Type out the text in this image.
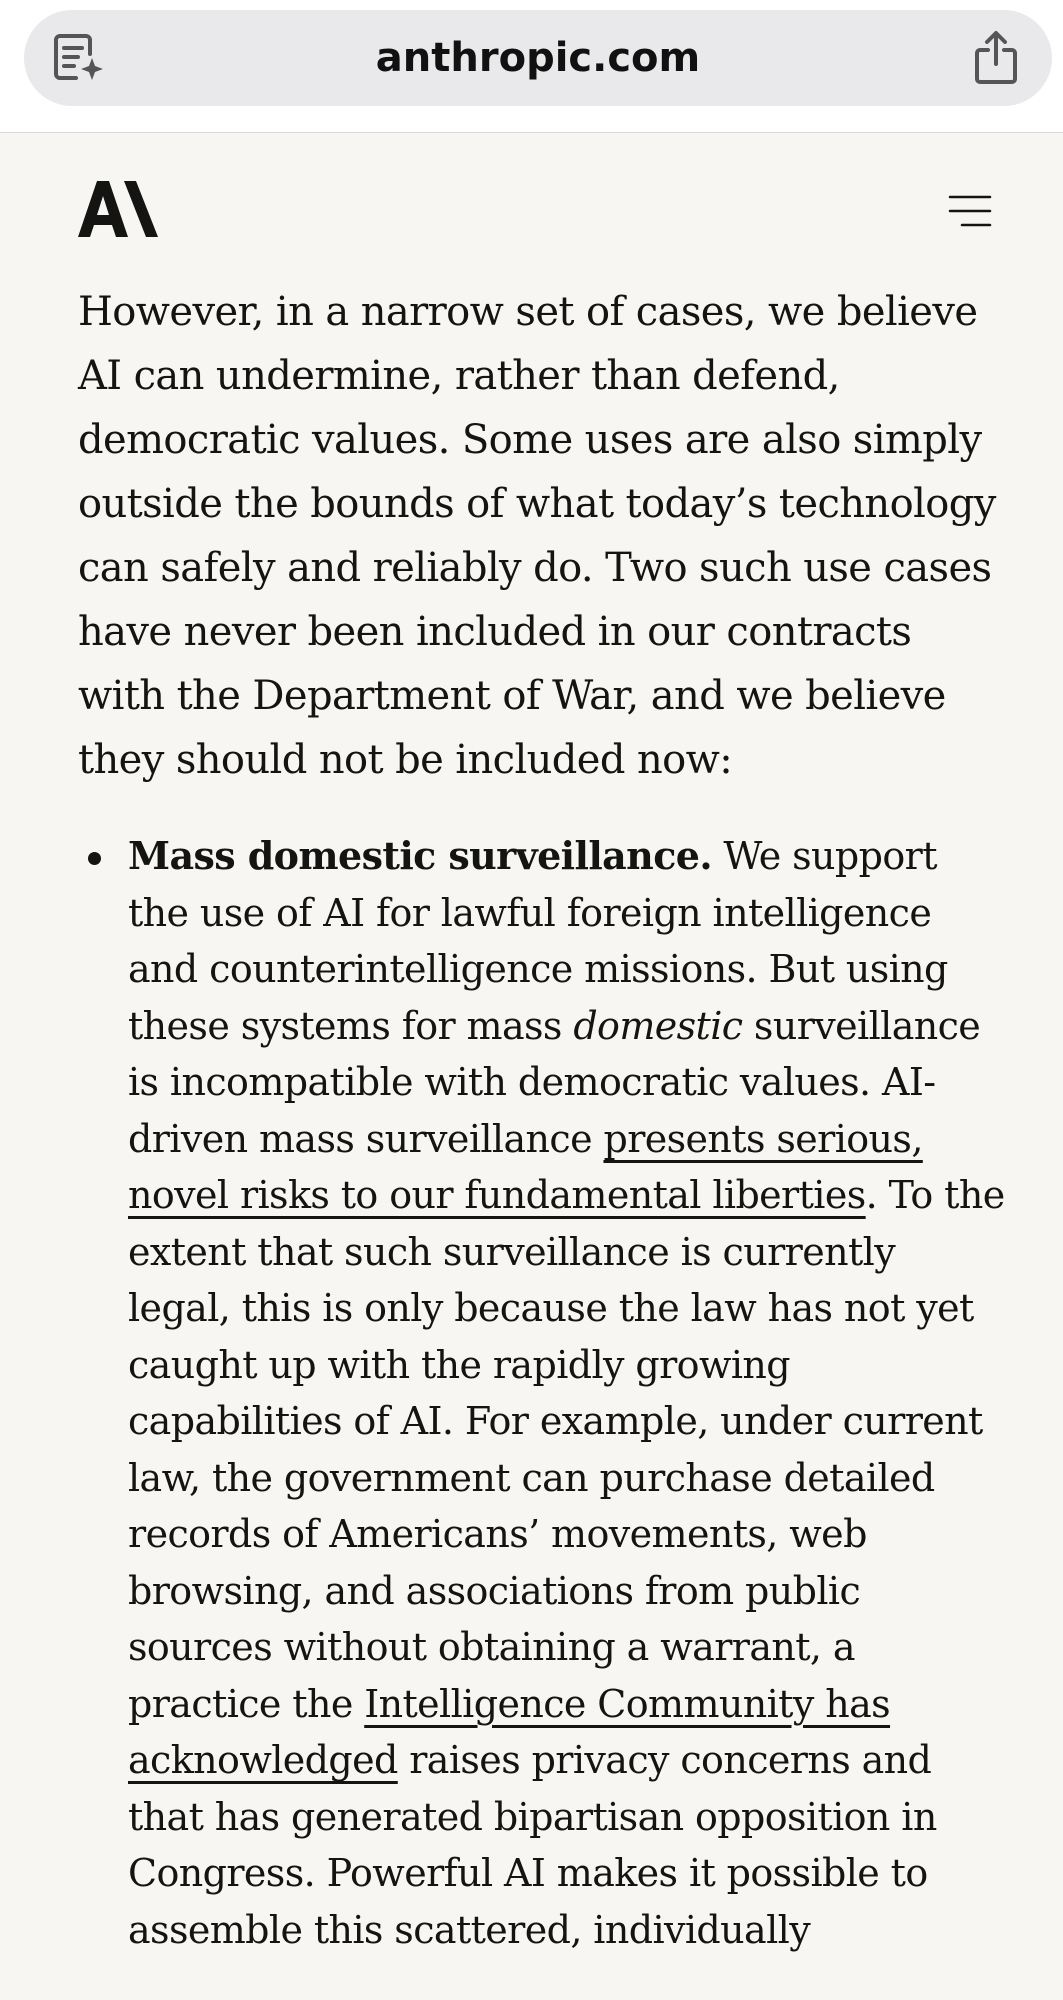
anthropic.com

However, in a narrow set of cases, we believe AI can undermine, rather than defend, democratic values. Some uses are also simply outside the bounds of what today’s technology can safely and reliably do. Two such use cases have never been included in our contracts with the Department of War, and we believe they should not be included now:

Mass domestic surveillance. We support the use of AI for lawful foreign intelligence and counterintelligence missions. But using these systems for mass domestic surveillance is incompatible with democratic values. AI-driven mass surveillance presents serious, novel risks to our fundamental liberties. To the extent that such surveillance is currently legal, this is only because the law has not yet caught up with the rapidly growing capabilities of AI. For example, under current law, the government can purchase detailed records of Americans’ movements, web browsing, and associations from public sources without obtaining a warrant, a practice the Intelligence Community has acknowledged raises privacy concerns and that has generated bipartisan opposition in Congress. Powerful AI makes it possible to assemble this scattered, individually
